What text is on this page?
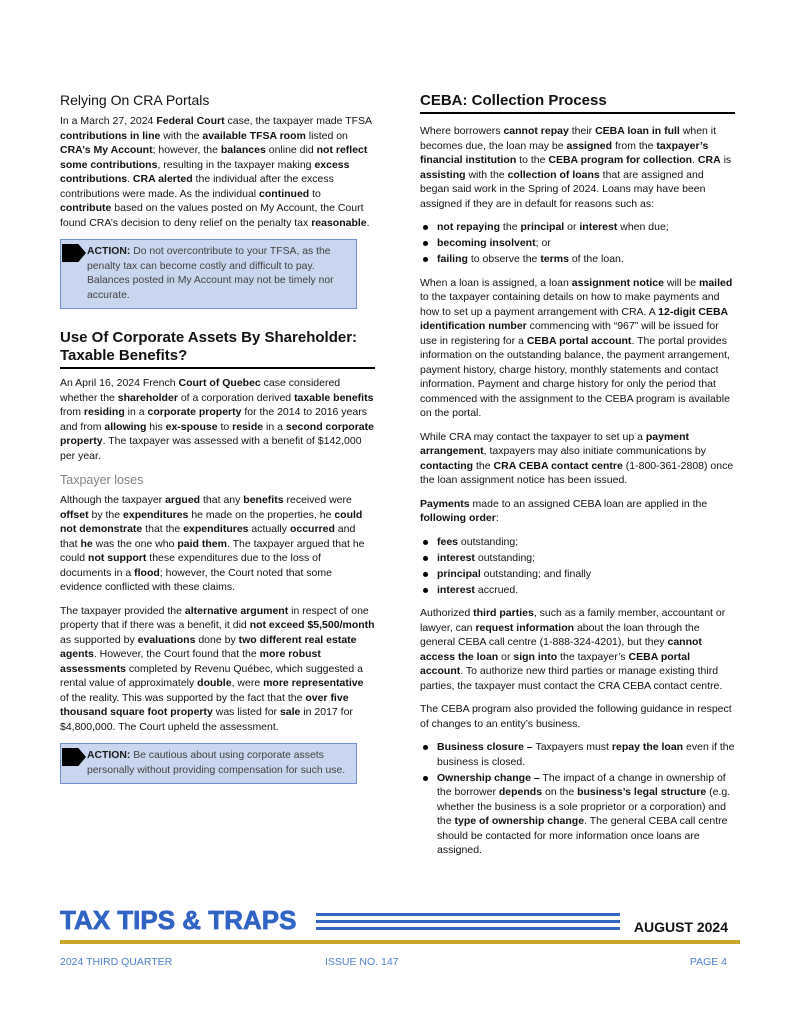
Relying On CRA Portals

In a March 27, 2024 Federal Court case, the taxpayer made TFSA contributions in line with the available TFSA room listed on CRA’s My Account; however, the balances online did not reflect some contributions, resulting in the taxpayer making excess contributions. CRA alerted the individual after the excess contributions were made. As the individual continued to contribute based on the values posted on My Account, the Court found CRA’s decision to deny relief on the penalty tax reasonable.

ACTION: Do not overcontribute to your TFSA, as the penalty tax can become costly and difficult to pay. Balances posted in My Account may not be timely nor accurate.
Use Of Corporate Assets By Shareholder: Taxable Benefits?

An April 16, 2024 French Court of Quebec case considered whether the shareholder of a corporation derived taxable benefits from residing in a corporate property for the 2014 to 2016 years and from allowing his ex-spouse to reside in a second corporate property. The taxpayer was assessed with a benefit of $142,000 per year.

Taxpayer loses

Although the taxpayer argued that any benefits received were offset by the expenditures he made on the properties, he could not demonstrate that the expenditures actually occurred and that he was the one who paid them. The taxpayer argued that he could not support these expenditures due to the loss of documents in a flood; however, the Court noted that some evidence conflicted with these claims.

The taxpayer provided the alternative argument in respect of one property that if there was a benefit, it did not exceed $5,500/month as supported by evaluations done by two different real estate agents. However, the Court found that the more robust assessments completed by Revenu Québec, which suggested a rental value of approximately double, were more representative of the reality. This was supported by the fact that the over five thousand square foot property was listed for sale in 2017 for $4,800,000. The Court upheld the assessment.

ACTION: Be cautious about using corporate assets personally without providing compensation for such use.
CEBA: Collection Process

Where borrowers cannot repay their CEBA loan in full when it becomes due, the loan may be assigned from the taxpayer’s financial institution to the CEBA program for collection. CRA is assisting with the collection of loans that are assigned and began said work in the Spring of 2024. Loans may have been assigned if they are in default for reasons such as:

not repaying the principal or interest when due;
becoming insolvent; or
failing to observe the terms of the loan.

When a loan is assigned, a loan assignment notice will be mailed to the taxpayer containing details on how to make payments and how to set up a payment arrangement with CRA. A 12-digit CEBA identification number commencing with “967” will be issued for use in registering for a CEBA portal account. The portal provides information on the outstanding balance, the payment arrangement, payment history, charge history, monthly statements and contact information. Payment and charge history for only the period that commenced with the assignment to the CEBA program is available on the portal.

While CRA may contact the taxpayer to set up a payment arrangement, taxpayers may also initiate communications by contacting the CRA CEBA contact centre (1-800-361-2808) once the loan assignment notice has been issued.

Payments made to an assigned CEBA loan are applied in the following order:

fees outstanding;
interest outstanding;
principal outstanding; and finally
interest accrued.

Authorized third parties, such as a family member, accountant or lawyer, can request information about the loan through the general CEBA call centre (1-888-324-4201), but they cannot access the loan or sign into the taxpayer’s CEBA portal account. To authorize new third parties or manage existing third parties, the taxpayer must contact the CRA CEBA contact centre.

The CEBA program also provided the following guidance in respect of changes to an entity’s business.

Business closure – Taxpayers must repay the loan even if the business is closed.
Ownership change – The impact of a change in ownership of the borrower depends on the business’s legal structure (e.g. whether the business is a sole proprietor or a corporation) and the type of ownership change. The general CEBA call centre should be contacted for more information once loans are assigned.
TAX TIPS & TRAPS	AUGUST 2024
2024 THIRD QUARTER	ISSUE NO. 147	PAGE 4
